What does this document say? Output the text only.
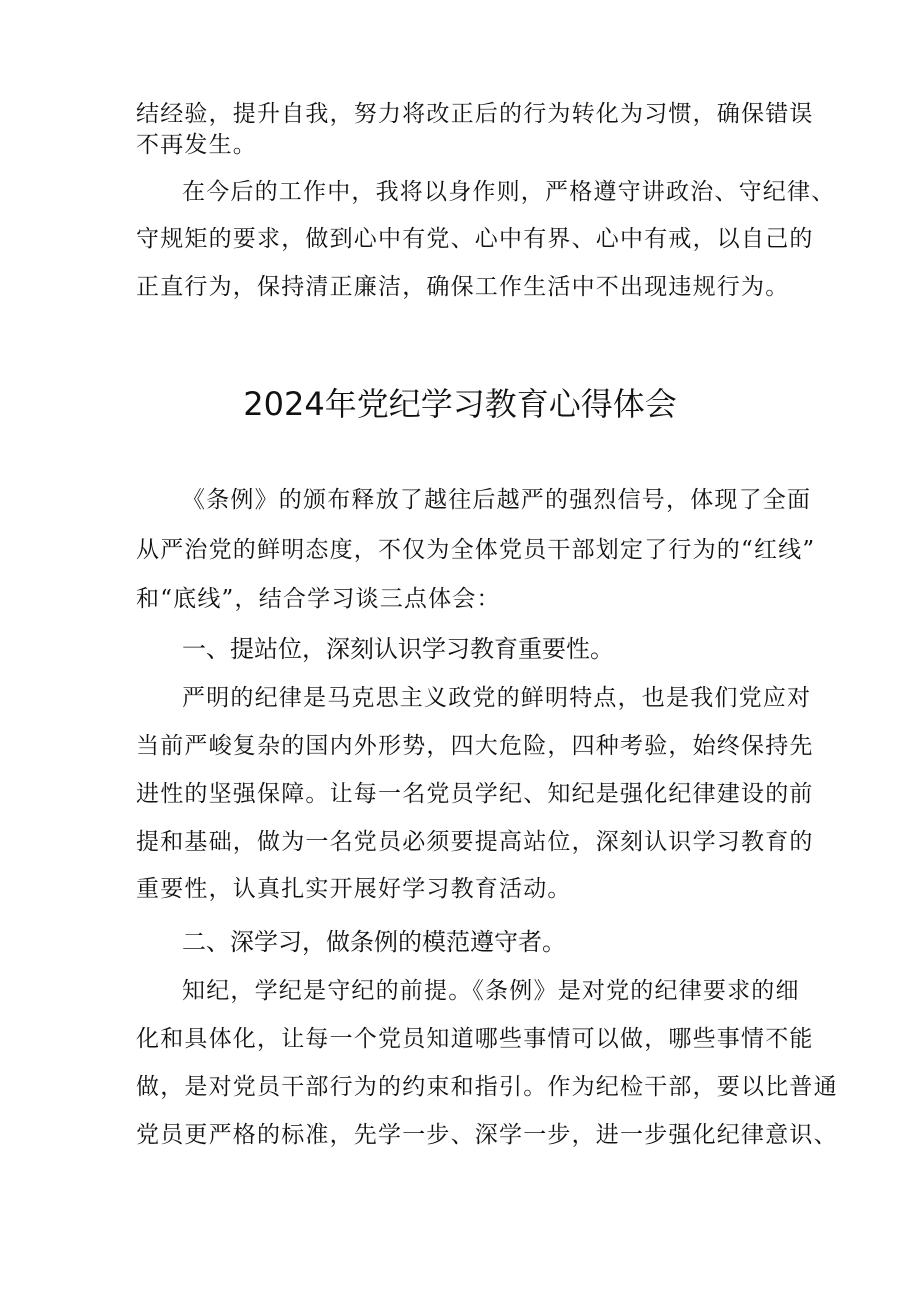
结经验，提升自我，努力将改正后的行为转化为习惯，确保错误
不再发生。
在今后的工作中，我将以身作则，严格遵守讲政治、守纪律、
守规矩的要求，做到心中有党、心中有界、心中有戒，以自己的
正直行为，保持清正廉洁，确保工作生活中不出现违规行为。
2024年党纪学习教育心得体会
《条例》的颁布释放了越往后越严的强烈信号，体现了全面
从严治党的鲜明态度，不仅为全体党员干部划定了行为的“红线”
和“底线”，结合学习谈三点体会：
一、提站位，深刻认识学习教育重要性。
严明的纪律是马克思主义政党的鲜明特点，也是我们党应对
当前严峻复杂的国内外形势，四大危险，四种考验，始终保持先
进性的坚强保障。让每一名党员学纪、知纪是强化纪律建设的前
提和基础，做为一名党员必须要提高站位，深刻认识学习教育的
重要性，认真扎实开展好学习教育活动。
二、深学习，做条例的模范遵守者。
知纪，学纪是守纪的前提。《条例》是对党的纪律要求的细
化和具体化，让每一个党员知道哪些事情可以做，哪些事情不能
做，是对党员干部行为的约束和指引。作为纪检干部，要以比普通
党员更严格的标准，先学一步、深学一步，进一步强化纪律意识、
